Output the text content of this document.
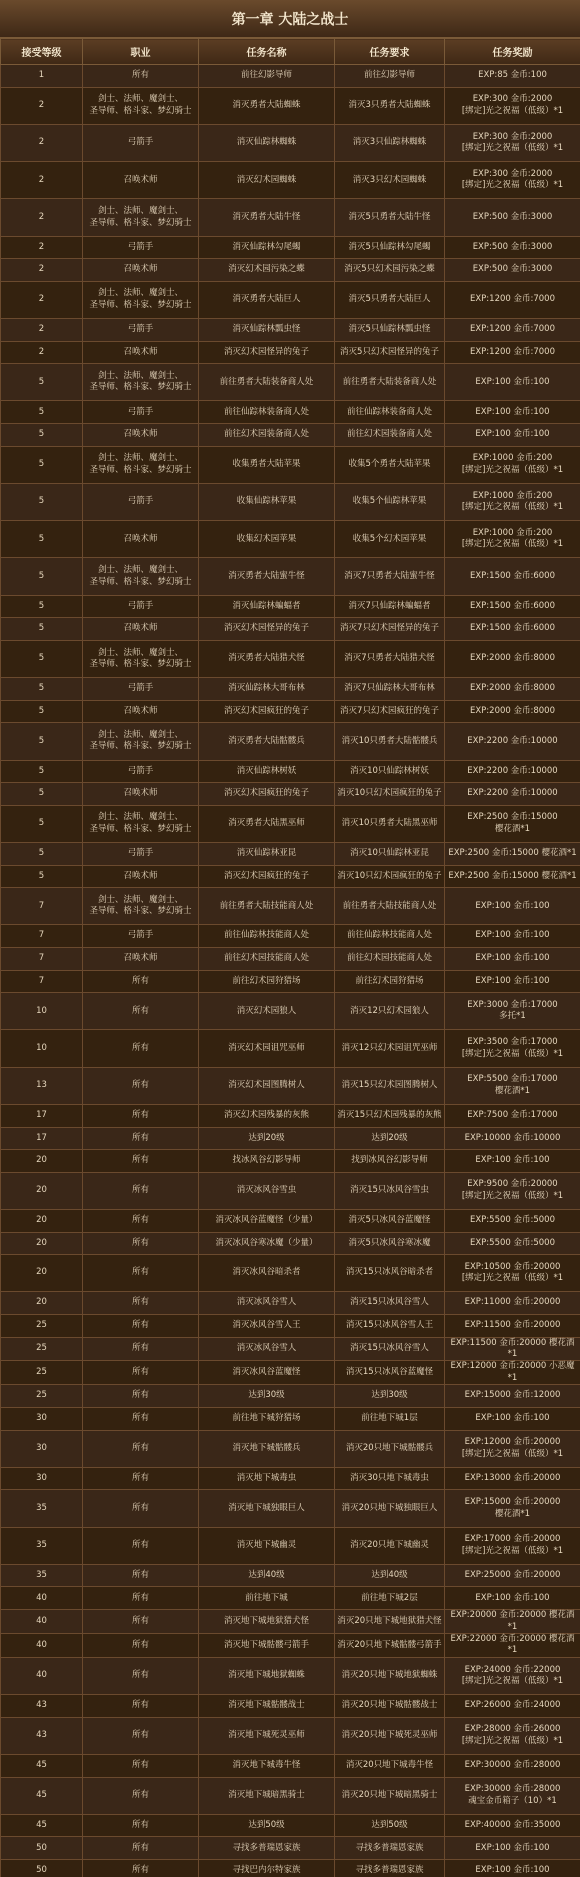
第一章 大陆之战士
接受等级	职业	任务名称	任务要求	任务奖励
1	所有	前往幻影导师	前往幻影导师	EXP:85 金币:100
2	剑士、法师、魔剑士、
圣导师、格斗家、梦幻骑士	消灭勇者大陆蜘蛛	消灭3只勇者大陆蜘蛛	EXP:300 金币:2000
[绑定]光之祝福（低级）*1
2	弓箭手	消灭仙踪林蜘蛛	消灭3只仙踪林蜘蛛	EXP:300 金币:2000
[绑定]光之祝福（低级）*1
2	召唤术师	消灭幻术园蜘蛛	消灭3只幻术园蜘蛛	EXP:300 金币:2000
[绑定]光之祝福（低级）*1
2	剑士、法师、魔剑士、
圣导师、格斗家、梦幻骑士	消灭勇者大陆牛怪	消灭5只勇者大陆牛怪	EXP:500 金币:3000
2	弓箭手	消灭仙踪林勾尾蝎	消灭5只仙踪林勾尾蝎	EXP:500 金币:3000
2	召唤术师	消灭幻术园污染之蝶	消灭5只幻术园污染之蝶	EXP:500 金币:3000
2	剑士、法师、魔剑士、
圣导师、格斗家、梦幻骑士	消灭勇者大陆巨人	消灭5只勇者大陆巨人	EXP:1200 金币:7000
2	弓箭手	消灭仙踪林瓢虫怪	消灭5只仙踪林瓢虫怪	EXP:1200 金币:7000
2	召唤术师	消灭幻术园怪异的兔子	消灭5只幻术园怪异的兔子	EXP:1200 金币:7000
5	剑士、法师、魔剑士、
圣导师、格斗家、梦幻骑士	前往勇者大陆装备商人处	前往勇者大陆装备商人处	EXP:100 金币:100
5	弓箭手	前往仙踪林装备商人处	前往仙踪林装备商人处	EXP:100 金币:100
5	召唤术师	前往幻术园装备商人处	前往幻术园装备商人处	EXP:100 金币:100
5	剑士、法师、魔剑士、
圣导师、格斗家、梦幻骑士	收集勇者大陆苹果	收集5个勇者大陆苹果	EXP:1000 金币:200
[绑定]光之祝福（低级）*1
5	弓箭手	收集仙踪林苹果	收集5个仙踪林苹果	EXP:1000 金币:200
[绑定]光之祝福（低级）*1
5	召唤术师	收集幻术园苹果	收集5个幻术园苹果	EXP:1000 金币:200
[绑定]光之祝福（低级）*1
5	剑士、法师、魔剑士、
圣导师、格斗家、梦幻骑士	消灭勇者大陆蜜牛怪	消灭7只勇者大陆蜜牛怪	EXP:1500 金币:6000
5	弓箭手	消灭仙踪林蝙蝠者	消灭7只仙踪林蝙蝠者	EXP:1500 金币:6000
5	召唤术师	消灭幻术园怪异的兔子	消灭7只幻术园怪异的兔子	EXP:1500 金币:6000
5	剑士、法师、魔剑士、
圣导师、格斗家、梦幻骑士	消灭勇者大陆猎犬怪	消灭7只勇者大陆猎犬怪	EXP:2000 金币:8000
5	弓箭手	消灭仙踪林大哥布林	消灭7只仙踪林大哥布林	EXP:2000 金币:8000
5	召唤术师	消灭幻术园疯狂的兔子	消灭7只幻术园疯狂的兔子	EXP:2000 金币:8000
5	剑士、法师、魔剑士、
圣导师、格斗家、梦幻骑士	消灭勇者大陆骷髅兵	消灭10只勇者大陆骷髅兵	EXP:2200 金币:10000
5	弓箭手	消灭仙踪林树妖	消灭10只仙踪林树妖	EXP:2200 金币:10000
5	召唤术师	消灭幻术园疯狂的兔子	消灭10只幻术园疯狂的兔子	EXP:2200 金币:10000
5	剑士、法师、魔剑士、
圣导师、格斗家、梦幻骑士	消灭勇者大陆黑巫师	消灭10只勇者大陆黑巫师	EXP:2500 金币:15000
樱花酒*1
5	弓箭手	消灭仙踪林亚昆	消灭10只仙踪林亚昆	EXP:2500 金币:15000 樱花酒*1
5	召唤术师	消灭幻术园疯狂的兔子	消灭10只幻术园疯狂的兔子	EXP:2500 金币:15000 樱花酒*1
7	剑士、法师、魔剑士、
圣导师、格斗家、梦幻骑士	前往勇者大陆技能商人处	前往勇者大陆技能商人处	EXP:100 金币:100
7	弓箭手	前往仙踪林技能商人处	前往仙踪林技能商人处	EXP:100 金币:100
7	召唤术师	前往幻术园技能商人处	前往幻术园技能商人处	EXP:100 金币:100
7	所有	前往幻术园狩猎场	前往幻术园狩猎场	EXP:100 金币:100
10	所有	消灭幻术园狼人	消灭12只幻术园狼人	EXP:3000 金币:17000
多托*1
10	所有	消灭幻术园诅咒巫师	消灭12只幻术园诅咒巫师	EXP:3500 金币:17000
[绑定]光之祝福（低级）*1
13	所有	消灭幻术园图腾树人	消灭15只幻术园图腾树人	EXP:5500 金币:17000
樱花酒*1
17	所有	消灭幻术园残暴的灰熊	消灭15只幻术园残暴的灰熊	EXP:7500 金币:17000
17	所有	达到20级	达到20级	EXP:10000 金币:10000
20	所有	找冰风谷幻影导师	找到冰风谷幻影导师	EXP:100 金币:100
20	所有	消灭冰风谷雪虫	消灭15只冰风谷雪虫	EXP:9500 金币:20000
[绑定]光之祝福（低级）*1
20	所有	消灭冰风谷蓝魔怪（少量）	消灭5只冰风谷蓝魔怪	EXP:5500 金币:5000
20	所有	消灭冰风谷寒冰魔（少量）	消灭5只冰风谷寒冰魔	EXP:5500 金币:5000
20	所有	消灭冰风谷暗杀者	消灭15只冰风谷暗杀者	EXP:10500 金币:20000
[绑定]光之祝福（低级）*1
20	所有	消灭冰风谷雪人	消灭15只冰风谷雪人	EXP:11000 金币:20000
25	所有	消灭冰风谷雪人王	消灭15只冰风谷雪人王	EXP:11500 金币:20000
25	所有	消灭冰风谷雪人	消灭15只冰风谷雪人	EXP:11500 金币:20000 樱花酒*1
25	所有	消灭冰风谷蓝魔怪	消灭15只冰风谷蓝魔怪	EXP:12000 金币:20000 小恶魔*1
25	所有	达到30级	达到30级	EXP:15000 金币:12000
30	所有	前往地下城狩猎场	前往地下城1层	EXP:100 金币:100
30	所有	消灭地下城骷髅兵	消灭20只地下城骷髅兵	EXP:12000 金币:20000
[绑定]光之祝福（低级）*1
30	所有	消灭地下城毒虫	消灭30只地下城毒虫	EXP:13000 金币:20000
35	所有	消灭地下城独眼巨人	消灭20只地下城独眼巨人	EXP:15000 金币:20000
樱花酒*1
35	所有	消灭地下城幽灵	消灭20只地下城幽灵	EXP:17000 金币:20000
[绑定]光之祝福（低级）*1
35	所有	达到40级	达到40级	EXP:25000 金币:20000
40	所有	前往地下城	前往地下城2层	EXP:100 金币:100
40	所有	消灭地下城地狱猎犬怪	消灭20只地下城地狱猎犬怪	EXP:20000 金币:20000 樱花酒*1
40	所有	消灭地下城骷髅弓箭手	消灭20只地下城骷髅弓箭手	EXP:22000 金币:20000 樱花酒*1
40	所有	消灭地下城地狱蜘蛛	消灭20只地下城地狱蜘蛛	EXP:24000 金币:22000
[绑定]光之祝福（低级）*1
43	所有	消灭地下城骷髅战士	消灭20只地下城骷髅战士	EXP:26000 金币:24000
43	所有	消灭地下城死灵巫师	消灭20只地下城死灵巫师	EXP:28000 金币:26000
[绑定]光之祝福（低级）*1
45	所有	消灭地下城毒牛怪	消灭20只地下城毒牛怪	EXP:30000 金币:28000
45	所有	消灭地下城暗黑骑士	消灭20只地下城暗黑骑士	EXP:30000 金币:28000
魂宝金币箱子（10）*1
45	所有	达到50级	达到50级	EXP:40000 金币:35000
50	所有	寻找多普瑞恩家族	寻找多普瑞恩家族	EXP:100 金币:100
50	所有	寻找巴内尔特家族	寻找多普瑞恩家族	EXP:100 金币:100
